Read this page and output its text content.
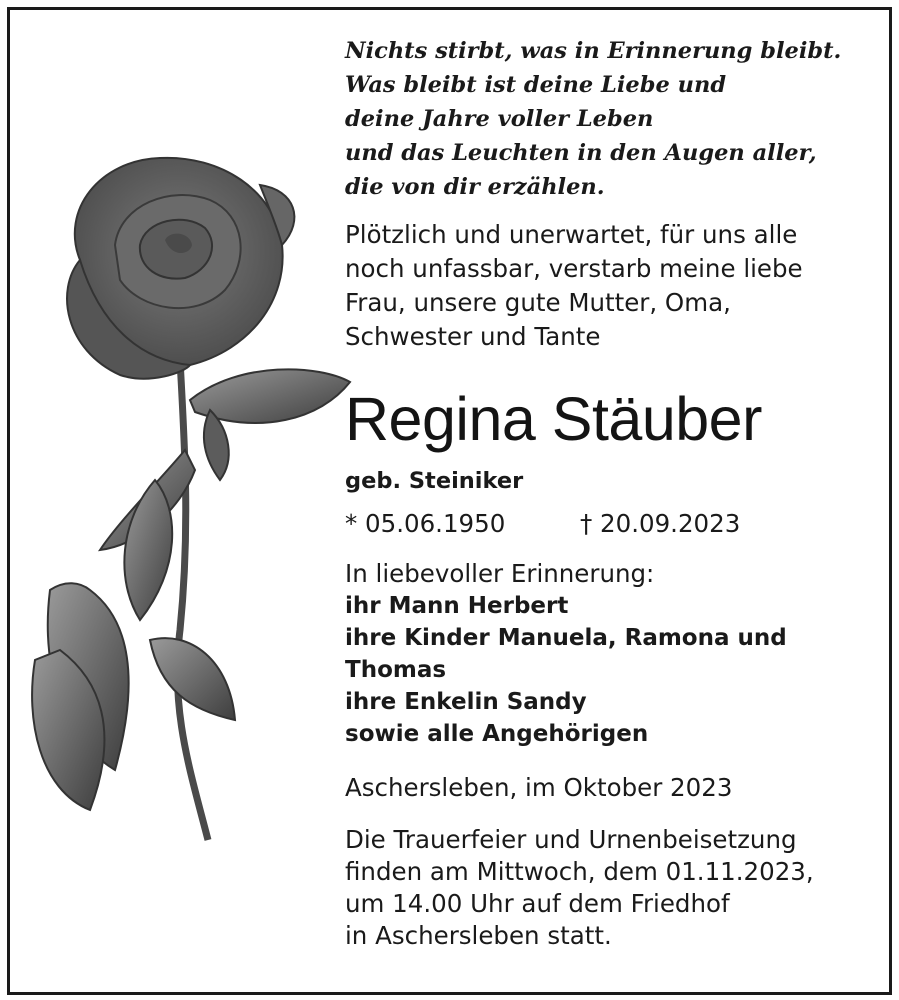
Nichts stirbt, was in Erinnerung bleibt.
Was bleibt ist deine Liebe und
deine Jahre voller Leben
und das Leuchten in den Augen aller,
die von dir erzählen.

Plötzlich und unerwartet, für uns alle
noch unfassbar, verstarb meine liebe
Frau, unsere gute Mutter, Oma,
Schwester und Tante
Regina Stäuber
geb. Steiniker
* 05.06.1950	† 20.09.2023
In liebevoller Erinnerung:
ihr Mann Herbert
ihre Kinder Manuela, Ramona und
Thomas
ihre Enkelin Sandy
sowie alle Angehörigen
Aschersleben, im Oktober 2023
Die Trauerfeier und Urnenbeisetzung
finden am Mittwoch, dem 01.11.2023,
um 14.00 Uhr auf dem Friedhof
in Aschersleben statt.
